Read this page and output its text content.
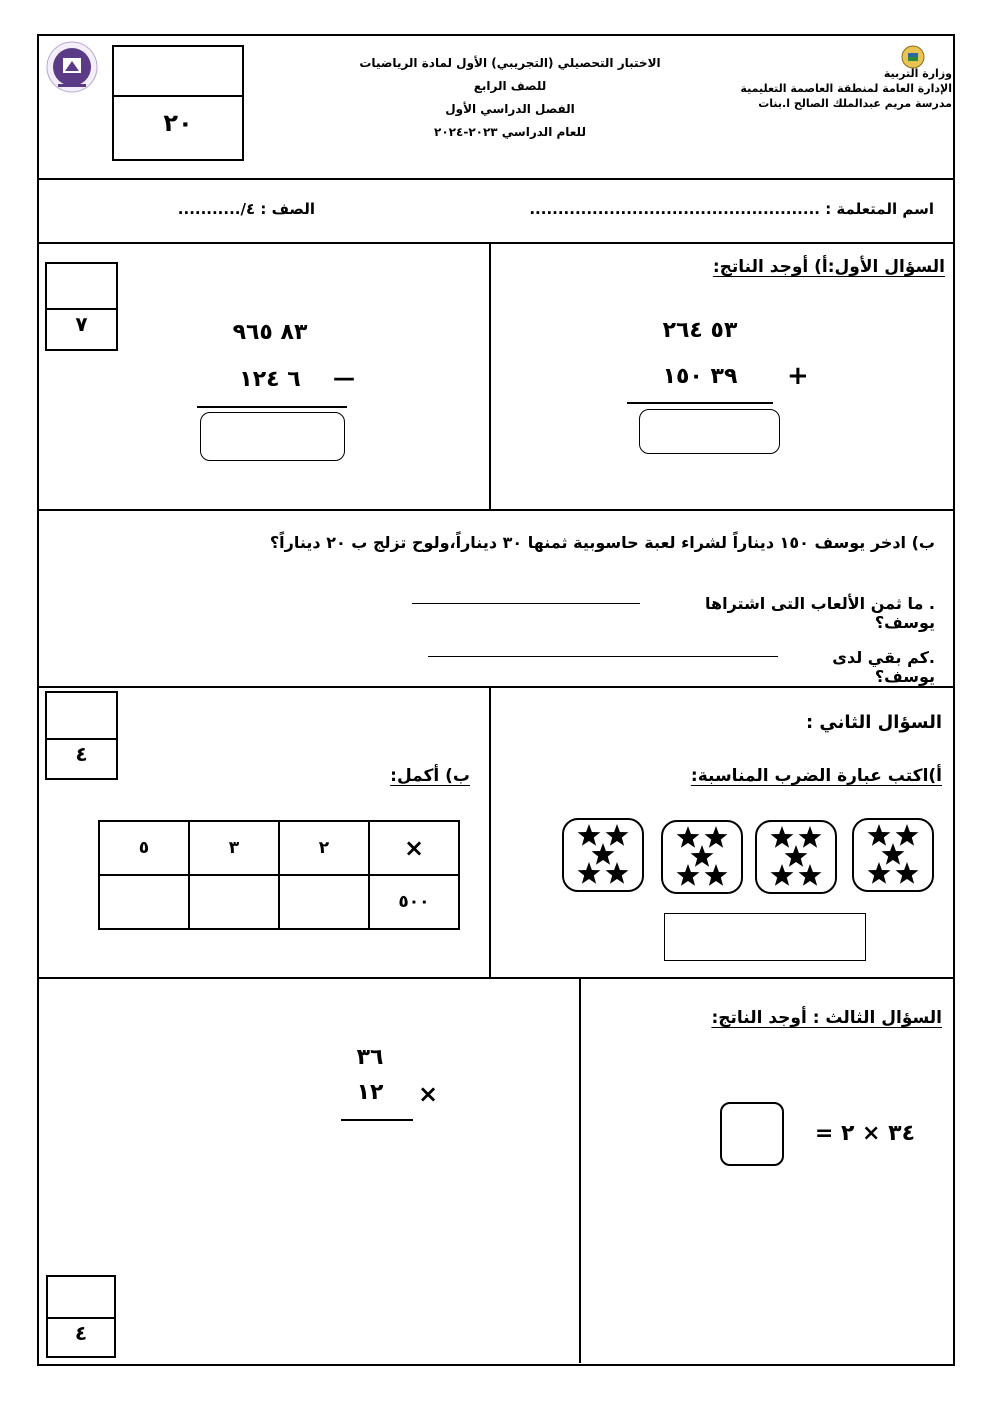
٢٠
الاختبار التحصيلي (التجريبي) الأول لمادة الرياضيات
للصف الرابع
الفصل الدراسي الأول
للعام الدراسي ٢٠٢٣-٢٠٢٤
وزارة التربية
الإدارة العامة لمنطقة العاصمة التعليمية
مدرسة مريم عبدالملك الصالح ا.بنات
اسم المتعلمة : ...................................................
الصف : ٤/...........
السؤال الأول:أ) أوجد الناتج:
٧	٥٣ ٢٦٤
٣٩ ١٥٠	+
٨٣ ٩٦٥
٦ ١٢٤	—
ب) ادخر يوسف ١٥٠ ديناراً لشراء لعبة حاسوبية ثمنها ٣٠ ديناراً،ولوح تزلج ب ٢٠ ديناراً؟
. ما ثمن الألعاب التى اشتراها يوسف؟
.كم بقي لدى يوسف؟
السؤال الثاني :
أ)اكتب عبارة الضرب المناسبة:
٤
ب) أكمل:
٥	٣	٢	×
			٥٠٠
السؤال الثالث : أوجد الناتج:
٣٤ × ٢ =
٣٦
١٢	×
٤
